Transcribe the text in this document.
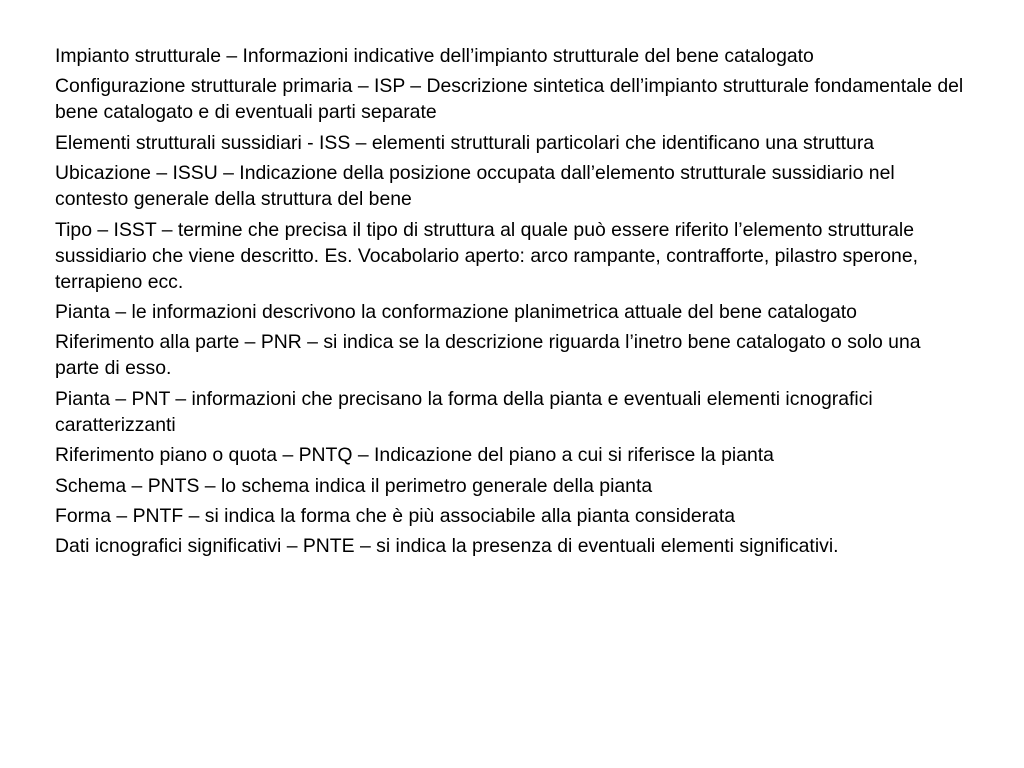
Impianto strutturale – Informazioni indicative dell’impianto strutturale del bene catalogato

Configurazione strutturale primaria – ISP – Descrizione sintetica dell’impianto strutturale fondamentale del bene catalogato e di eventuali parti separate

Elementi strutturali sussidiari - ISS – elementi strutturali particolari che identificano una struttura

Ubicazione – ISSU – Indicazione della posizione occupata dall’elemento strutturale sussidiario nel contesto generale della struttura del bene

Tipo – ISST – termine che precisa il tipo di struttura al quale può essere riferito l’elemento strutturale sussidiario che viene descritto. Es. Vocabolario aperto: arco rampante, contrafforte, pilastro sperone, terrapieno ecc.

Pianta – le informazioni descrivono la conformazione planimetrica attuale del bene catalogato

Riferimento alla parte – PNR – si indica se la descrizione riguarda l’inetro bene catalogato o solo una parte di esso.

Pianta – PNT – informazioni che precisano la forma della pianta e eventuali elementi icnografici caratterizzanti

Riferimento piano o quota – PNTQ – Indicazione del piano a cui si riferisce la pianta

Schema – PNTS – lo schema indica il perimetro generale della pianta

Forma – PNTF – si indica la forma che è più associabile alla pianta considerata

Dati icnografici significativi – PNTE – si indica la presenza di eventuali elementi significativi.
